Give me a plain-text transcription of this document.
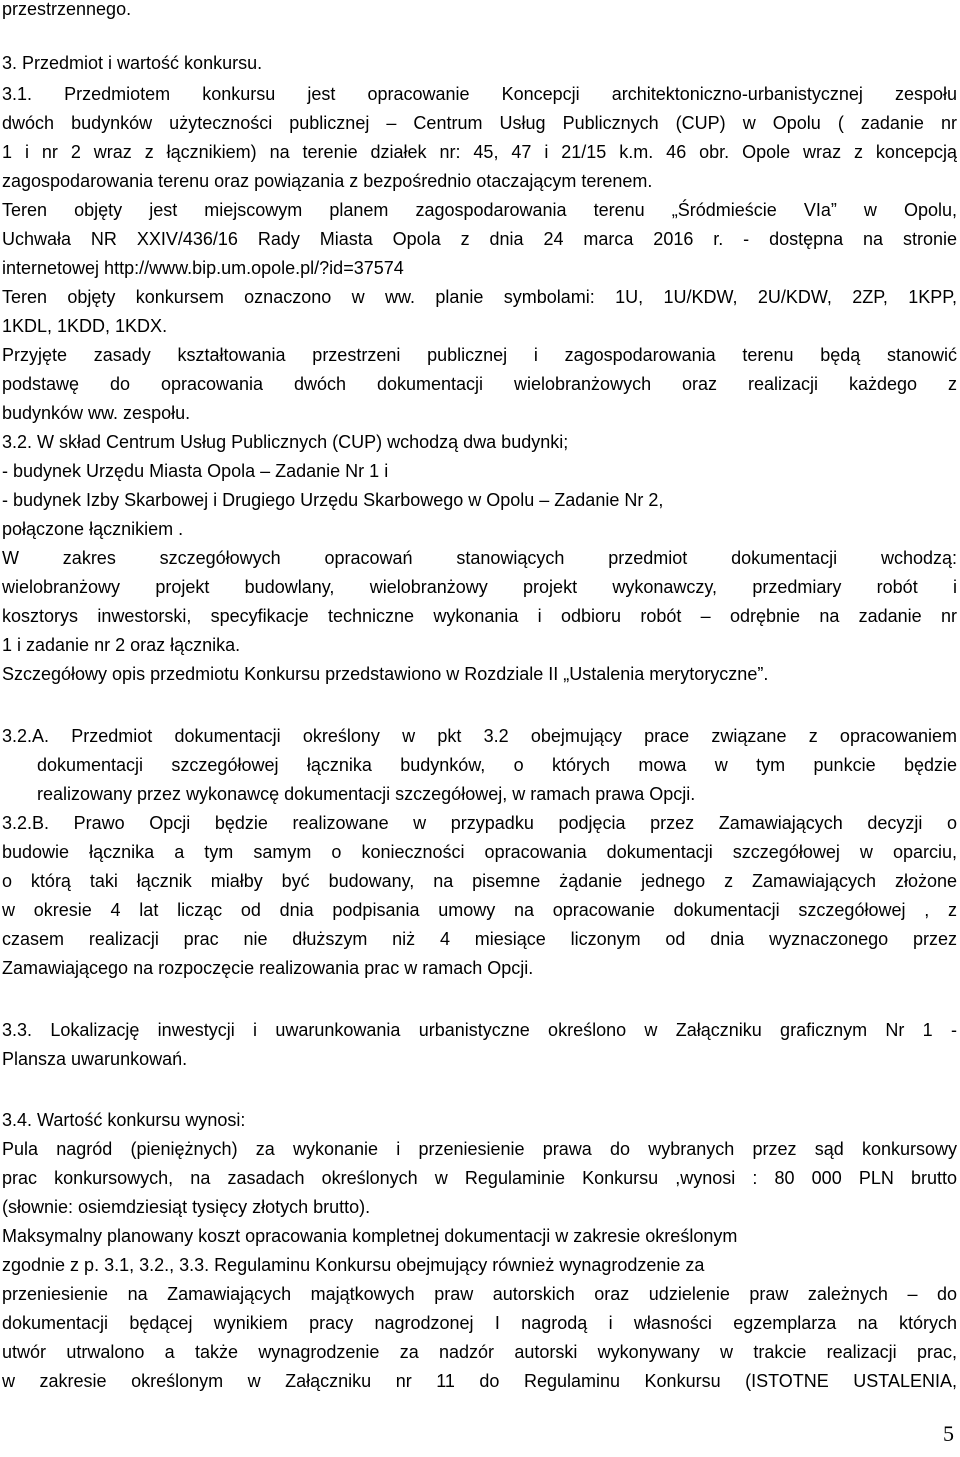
przestrzennego.
3. Przedmiot i wartość konkursu.
3.1. Przedmiotem konkursu jest opracowanie Koncepcji architektoniczno-urbanistycznej zespołu
dwóch budynków użyteczności publicznej – Centrum Usług Publicznych (CUP) w Opolu ( zadanie nr
1 i nr 2 wraz z łącznikiem) na terenie działek nr: 45, 47 i 21/15 k.m. 46 obr. Opole wraz z koncepcją
zagospodarowania terenu oraz powiązania z bezpośrednio otaczającym terenem.
Teren objęty jest miejscowym planem zagospodarowania terenu „Śródmieście VIa” w Opolu,
Uchwała NR XXIV/436/16 Rady Miasta Opola z dnia 24 marca 2016 r. - dostępna na stronie
internetowej http://www.bip.um.opole.pl/?id=37574
Teren objęty konkursem oznaczono w ww. planie symbolami: 1U, 1U/KDW, 2U/KDW, 2ZP, 1KPP,
1KDL, 1KDD, 1KDX.
Przyjęte zasady kształtowania przestrzeni publicznej i zagospodarowania terenu będą stanowić
podstawę do opracowania dwóch dokumentacji wielobranżowych oraz realizacji każdego z
budynków ww. zespołu.
3.2. W skład Centrum Usług Publicznych (CUP) wchodzą dwa budynki;
- budynek Urzędu Miasta Opola – Zadanie Nr 1 i
- budynek Izby Skarbowej i Drugiego Urzędu Skarbowego w Opolu – Zadanie Nr 2,
połączone łącznikiem .
W zakres szczegółowych opracowań stanowiących przedmiot dokumentacji wchodzą:
wielobranżowy projekt budowlany, wielobranżowy projekt wykonawczy, przedmiary robót i
kosztorys inwestorski, specyfikacje techniczne wykonania i odbioru robót – odrębnie na zadanie nr
1 i zadanie nr 2 oraz łącznika.
Szczegółowy opis przedmiotu Konkursu przedstawiono w Rozdziale II „Ustalenia merytoryczne”.
3.2.A. Przedmiot dokumentacji określony w pkt 3.2 obejmujący prace związane z opracowaniem
dokumentacji szczegółowej łącznika budynków, o których mowa w tym punkcie będzie
realizowany przez wykonawcę dokumentacji szczegółowej, w ramach prawa Opcji.
3.2.B. Prawo Opcji będzie realizowane w przypadku podjęcia przez Zamawiających decyzji o
budowie łącznika a tym samym o konieczności opracowania dokumentacji szczegółowej w oparciu,
o którą taki łącznik miałby być budowany, na pisemne żądanie jednego z Zamawiających złożone
w okresie 4 lat licząc od dnia podpisania umowy na opracowanie dokumentacji szczegółowej , z
czasem realizacji prac nie dłuższym niż 4 miesiące liczonym od dnia wyznaczonego przez
Zamawiającego na rozpoczęcie realizowania prac w ramach Opcji.
3.3. Lokalizację inwestycji i uwarunkowania urbanistyczne określono w Załączniku graficznym Nr 1 -
Plansza uwarunkowań.
3.4. Wartość konkursu wynosi:
Pula nagród (pieniężnych) za wykonanie i przeniesienie prawa do wybranych przez sąd konkursowy
prac konkursowych, na zasadach określonych w Regulaminie Konkursu ,wynosi : 80 000 PLN brutto
(słownie: osiemdziesiąt tysięcy złotych brutto).
Maksymalny planowany koszt opracowania kompletnej dokumentacji w zakresie określonym
zgodnie z p. 3.1, 3.2., 3.3. Regulaminu Konkursu obejmujący również wynagrodzenie za
przeniesienie na Zamawiających majątkowych praw autorskich oraz udzielenie praw zależnych – do
dokumentacji będącej wynikiem pracy nagrodzonej I nagrodą i własności egzemplarza na których
utwór utrwalono a także wynagrodzenie za nadzór autorski wykonywany w trakcie realizacji prac,
w zakresie określonym w Załączniku nr 11 do Regulaminu Konkursu (ISTOTNE USTALENIA,
5
